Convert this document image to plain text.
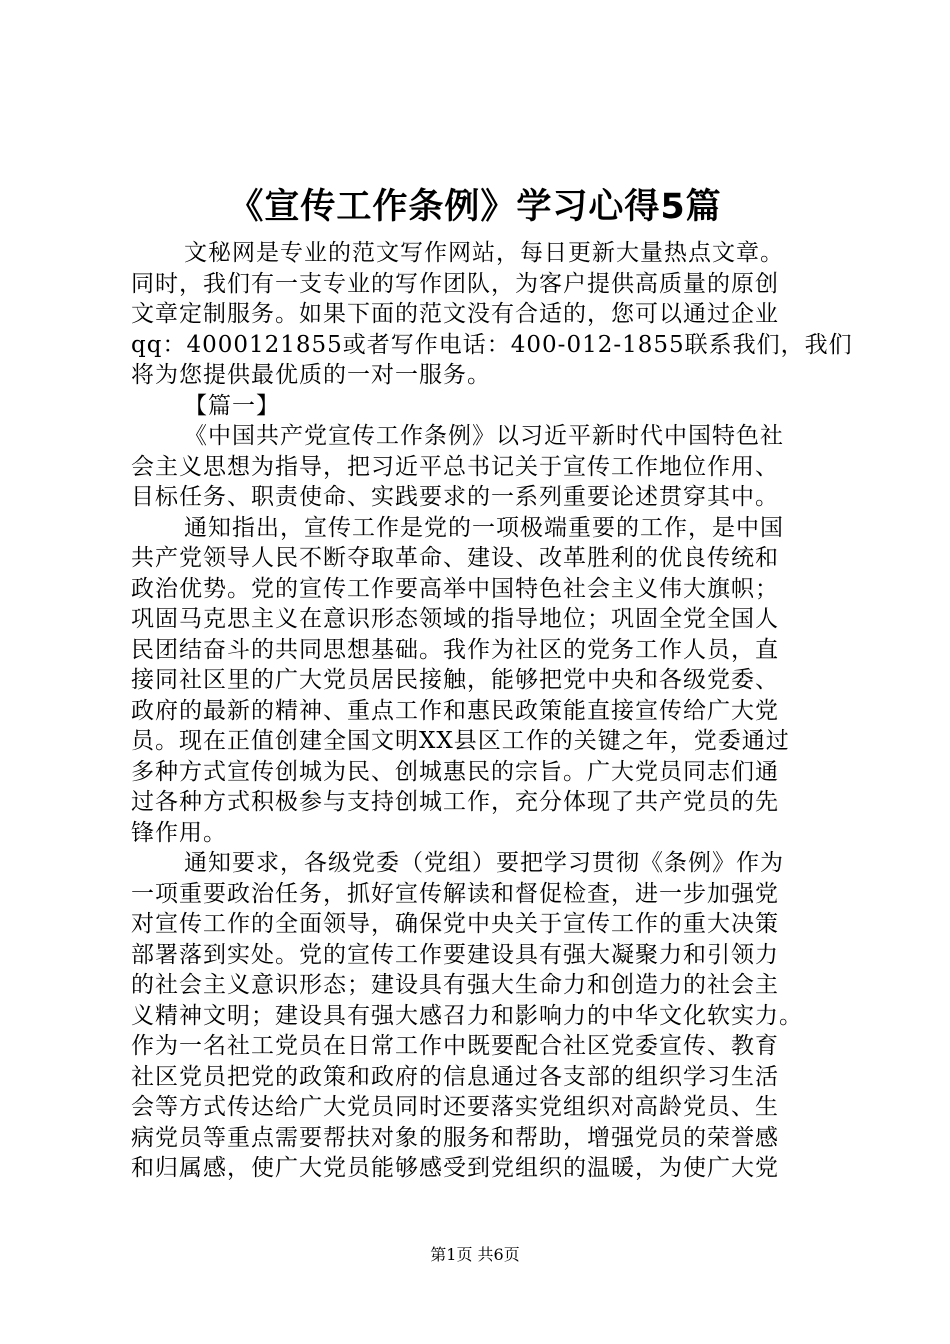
《宣传工作条例》学习心得5篇
文秘网是专业的范文写作网站，每日更新大量热点文章。
同时，我们有一支专业的写作团队，为客户提供高质量的原创
文章定制服务。如果下面的范文没有合适的，您可以通过企业
qq：4000121855或者写作电话：400-012-1855联系我们，我们
将为您提供最优质的一对一服务。
【篇一】
《中国共产党宣传工作条例》以习近平新时代中国特色社
会主义思想为指导，把习近平总书记关于宣传工作地位作用、
目标任务、职责使命、实践要求的一系列重要论述贯穿其中。
通知指出，宣传工作是党的一项极端重要的工作，是中国
共产党领导人民不断夺取革命、建设、改革胜利的优良传统和
政治优势。党的宣传工作要高举中国特色社会主义伟大旗帜；
巩固马克思主义在意识形态领域的指导地位；巩固全党全国人
民团结奋斗的共同思想基础。我作为社区的党务工作人员，直
接同社区里的广大党员居民接触，能够把党中央和各级党委、
政府的最新的精神、重点工作和惠民政策能直接宣传给广大党
员。现在正值创建全国文明XX县区工作的关键之年，党委通过
多种方式宣传创城为民、创城惠民的宗旨。广大党员同志们通
过各种方式积极参与支持创城工作，充分体现了共产党员的先
锋作用。
通知要求，各级党委（党组）要把学习贯彻《条例》作为
一项重要政治任务，抓好宣传解读和督促检查，进一步加强党
对宣传工作的全面领导，确保党中央关于宣传工作的重大决策
部署落到实处。党的宣传工作要建设具有强大凝聚力和引领力
的社会主义意识形态；建设具有强大生命力和创造力的社会主
义精神文明；建设具有强大感召力和影响力的中华文化软实力。
作为一名社工党员在日常工作中既要配合社区党委宣传、教育
社区党员把党的政策和政府的信息通过各支部的组织学习生活
会等方式传达给广大党员同时还要落实党组织对高龄党员、生
病党员等重点需要帮扶对象的服务和帮助，增强党员的荣誉感
和归属感，使广大党员能够感受到党组织的温暖，为使广大党
第1页 共6页
